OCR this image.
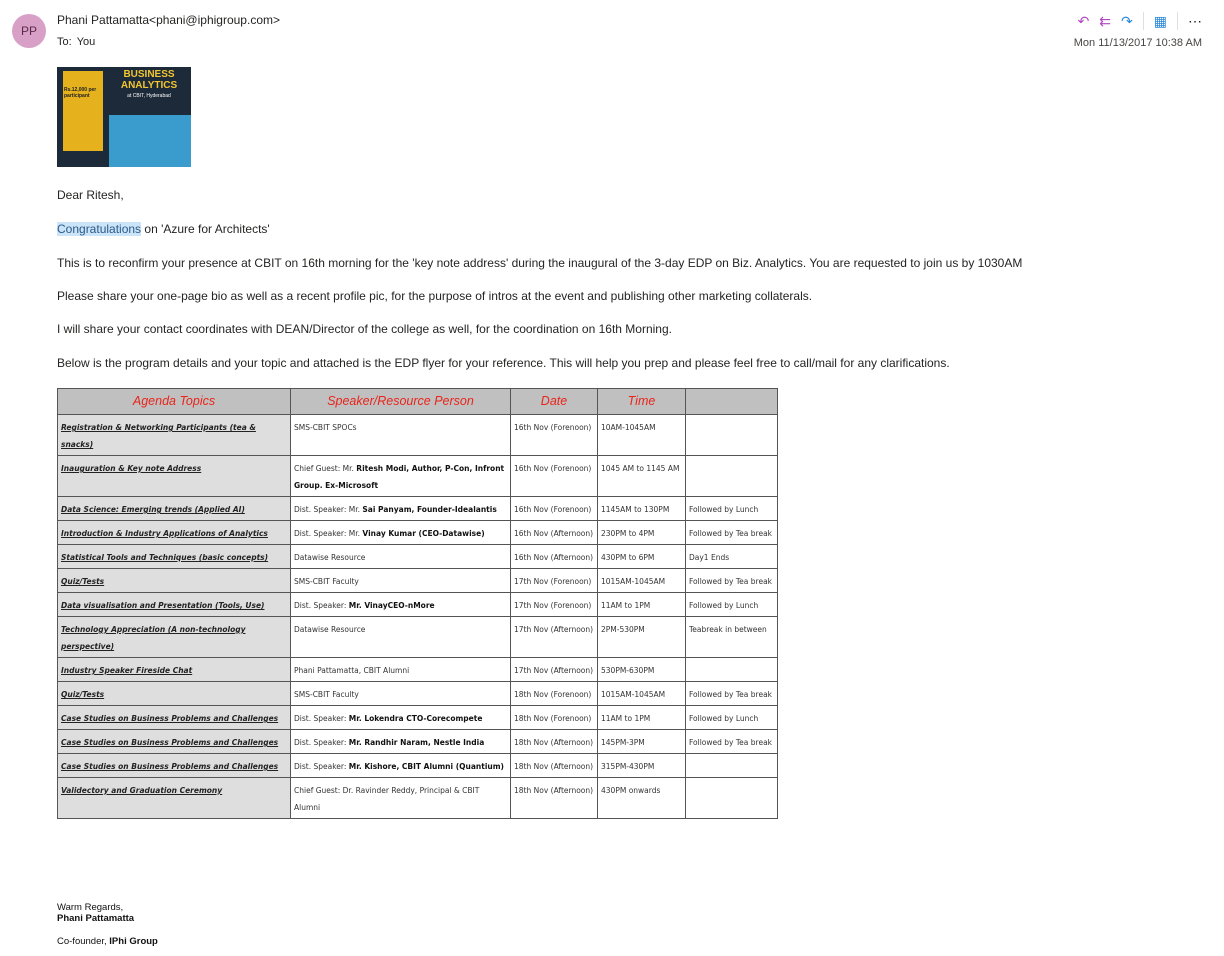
PP
Phani Pattamatta<phani@iphigroup.com>
To: You
↶ ⇇ ↷ ▦ ⋯
Mon 11/13/2017 10:38 AM
Rs.12,000 per participant
BUSINESS ANALYTICS
at CBIT, Hyderabad

Dear Ritesh,

Congratulations on 'Azure for Architects'

This is to reconfirm your presence at CBIT on 16th morning for the 'key note address' during the inaugural of the 3-day EDP on Biz. Analytics. You are requested to join us by 1030AM

Please share your one-page bio as well as a recent profile pic, for the purpose of intros at the event and publishing other marketing collaterals.

I will share your contact coordinates with DEAN/Director of the college as well, for the coordination on 16th Morning.

Below is the program details and your topic and attached is the EDP flyer for your reference. This will help you prep and please feel free to call/mail for any clarifications.

Agenda Topics	Speaker/Resource Person	Date	Time	
Registration & Networking Participants (tea & snacks)	SMS-CBIT SPOCs	16th Nov (Forenoon)	10AM-1045AM	
Inauguration & Key note Address	Chief Guest: Mr. Ritesh Modi, Author, P-Con, Infront Group. Ex-Microsoft	16th Nov (Forenoon)	1045 AM to 1145 AM	
Data Science: Emerging trends (Applied AI)	Dist. Speaker: Mr. Sai Panyam, Founder-Idealantis	16th Nov (Forenoon)	1145AM to 130PM	Followed by Lunch
Introduction & Industry Applications of Analytics	Dist. Speaker: Mr. Vinay Kumar (CEO-Datawise)	16th Nov (Afternoon)	230PM to 4PM	Followed by Tea break
Statistical Tools and Techniques (basic concepts)	Datawise Resource	16th Nov (Afternoon)	430PM to 6PM	Day1 Ends
Quiz/Tests	SMS-CBIT Faculty	17th Nov (Forenoon)	1015AM-1045AM	Followed by Tea break
Data visualisation and Presentation (Tools, Use)	Dist. Speaker: Mr. VinayCEO-nMore	17th Nov (Forenoon)	11AM to 1PM	Followed by Lunch
Technology Appreciation (A non-technology perspective)	Datawise Resource	17th Nov (Afternoon)	2PM-530PM	Teabreak in between
Industry Speaker Fireside Chat	Phani Pattamatta, CBIT Alumni	17th Nov (Afternoon)	530PM-630PM	
Quiz/Tests	SMS-CBIT Faculty	18th Nov (Forenoon)	1015AM-1045AM	Followed by Tea break
Case Studies on Business Problems and Challenges	Dist. Speaker: Mr. Lokendra CTO-Corecompete	18th Nov (Forenoon)	11AM to 1PM	Followed by Lunch
Case Studies on Business Problems and Challenges	Dist. Speaker: Mr. Randhir Naram, Nestle India	18th Nov (Afternoon)	145PM-3PM	Followed by Tea break
Case Studies on Business Problems and Challenges	Dist. Speaker: Mr. Kishore, CBIT Alumni (Quantium)	18th Nov (Afternoon)	315PM-430PM	
Validectory and Graduation Ceremony	Chief Guest: Dr. Ravinder Reddy, Principal & CBIT Alumni	18th Nov (Afternoon)	430PM onwards	
Warm Regards,
Phani Pattamatta
Co-founder, IPhi Group
